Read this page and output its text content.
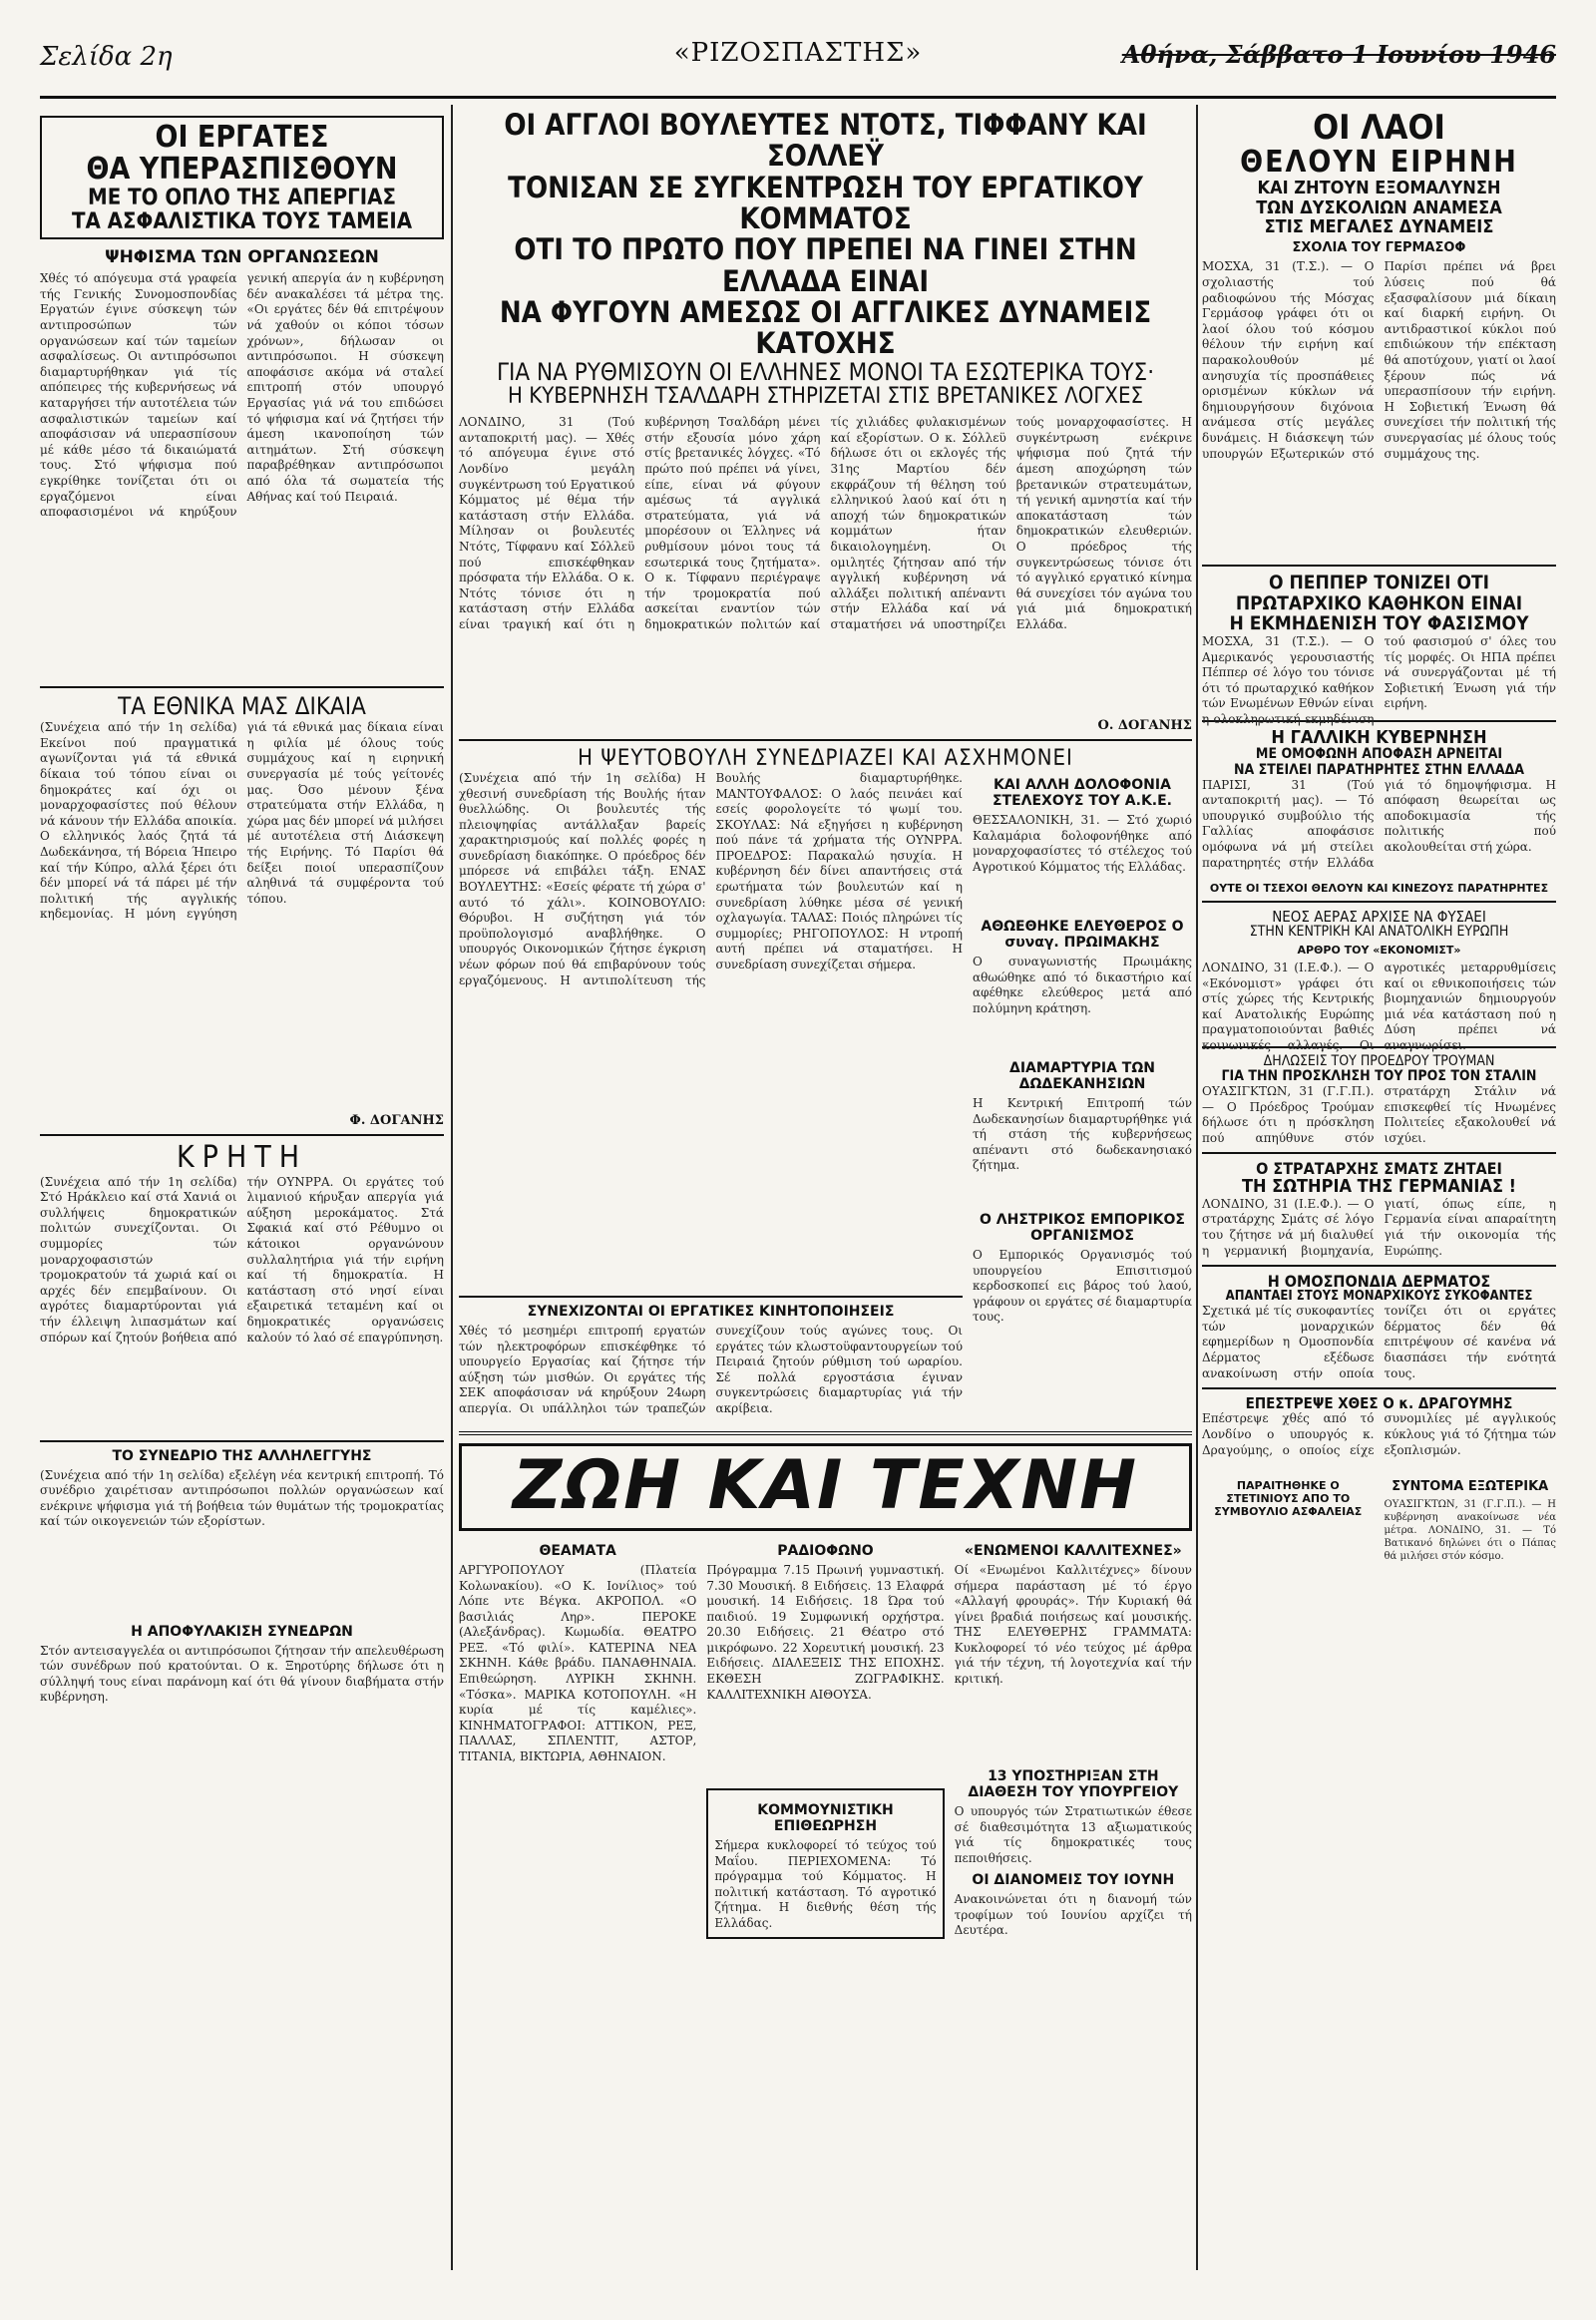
Σελίδα 2η	«ΡΙΖΟΣΠΑΣΤΗΣ»	Αθήνα, Σάββατο 1 Ιουνίου 1946

ΟΙ ΕΡΓΑΤΕΣ

ΘΑ ΥΠΕΡΑΣΠΙΣΘΟΥΝ

ΜΕ ΤΟ ΟΠΛΟ ΤΗΣ ΑΠΕΡΓΙΑΣ

ΤΑ ΑΣΦΑΛΙΣΤΙΚΑ ΤΟΥΣ ΤΑΜΕΙΑ

ΨΗΦΙΣΜΑ ΤΩΝ ΟΡΓΑΝΩΣΕΩΝ

Χθές τό απόγευμα στά γραφεία τής Γενικής Συνομοσπονδίας Εργατών έγινε σύσκεψη τών αντιπροσώπων τών οργανώσεων καί τών ταμείων ασφαλίσεως. Οι αντιπρόσωποι διαμαρτυρήθηκαν γιά τίς απόπειρες τής κυβερνήσεως νά καταργήσει τήν αυτοτέλεια τών ασφαλιστικών ταμείων καί αποφάσισαν νά υπερασπίσουν μέ κάθε μέσο τά δικαιώματά τους. Στό ψήφισμα πού εγκρίθηκε τονίζεται ότι οι εργαζόμενοι είναι αποφασισμένοι νά κηρύξουν γενική απεργία άν η κυβέρνηση δέν ανακαλέσει τά μέτρα της. «Οι εργάτες δέν θά επιτρέψουν νά χαθούν οι κόποι τόσων χρόνων», δήλωσαν οι αντιπρόσωποι. Η σύσκεψη αποφάσισε ακόμα νά σταλεί επιτροπή στόν υπουργό Εργασίας γιά νά του επιδώσει τό ψήφισμα καί νά ζητήσει τήν άμεση ικανοποίηση τών αιτημάτων. Στή σύσκεψη παραβρέθηκαν αντιπρόσωποι από όλα τά σωματεία τής Αθήνας καί τού Πειραιά.

ΤΑ ΕΘΝΙΚΑ ΜΑΣ ΔΙΚΑΙΑ

(Συνέχεια από τήν 1η σελίδα) Εκείνοι πού πραγματικά αγωνίζονται γιά τά εθνικά δίκαια τού τόπου είναι οι δημοκράτες καί όχι οι μοναρχοφασίστες πού θέλουν νά κάνουν τήν Ελλάδα αποικία. Ο ελληνικός λαός ζητά τά Δωδεκάνησα, τή Βόρεια Ήπειρο καί τήν Κύπρο, αλλά ξέρει ότι δέν μπορεί νά τά πάρει μέ τήν πολιτική τής αγγλικής κηδεμονίας. Η μόνη εγγύηση γιά τά εθνικά μας δίκαια είναι η φιλία μέ όλους τούς συμμάχους καί η ειρηνική συνεργασία μέ τούς γείτονές μας. Όσο μένουν ξένα στρατεύματα στήν Ελλάδα, η χώρα μας δέν μπορεί νά μιλήσει μέ αυτοτέλεια στή Διάσκεψη τής Ειρήνης. Τό Παρίσι θά δείξει ποιοί υπερασπίζουν αληθινά τά συμφέροντα τού τόπου.

Φ. ΔΟΓΑΝΗΣ

ΚΡΗΤΗ

(Συνέχεια από τήν 1η σελίδα) Στό Ηράκλειο καί στά Χανιά οι συλλήψεις δημοκρατικών πολιτών συνεχίζονται. Οι συμμορίες τών μοναρχοφασιστών τρομοκρατούν τά χωριά καί οι αρχές δέν επεμβαίνουν. Οι αγρότες διαμαρτύρονται γιά τήν έλλειψη λιπασμάτων καί σπόρων καί ζητούν βοήθεια από τήν ΟΥΝΡΡΑ. Οι εργάτες τού λιμανιού κήρυξαν απεργία γιά αύξηση μεροκάματος. Στά Σφακιά καί στό Ρέθυμνο οι κάτοικοι οργανώνουν συλλαλητήρια γιά τήν ειρήνη καί τή δημοκρατία. Η κατάσταση στό νησί είναι εξαιρετικά τεταμένη καί οι δημοκρατικές οργανώσεις καλούν τό λαό σέ επαγρύπνηση.

ΤΟ ΣΥΝΕΔΡΙΟ ΤΗΣ ΑΛΛΗΛΕΓΓΥΗΣ

(Συνέχεια από τήν 1η σελίδα) εξελέγη νέα κεντρική επιτροπή. Τό συνέδριο χαιρέτισαν αντιπρόσωποι πολλών οργανώσεων καί ενέκρινε ψήφισμα γιά τή βοήθεια τών θυμάτων τής τρομοκρατίας καί τών οικογενειών τών εξορίστων.

Η ΑΠΟΦΥΛΑΚΙΣΗ ΣΥΝΕΔΡΩΝ

Στόν αντεισαγγελέα οι αντιπρόσωποι ζήτησαν τήν απελευθέρωση τών συνέδρων πού κρατούνται. Ο κ. Ξηροτύρης δήλωσε ότι η σύλληψή τους είναι παράνομη καί ότι θά γίνουν διαβήματα στήν κυβέρνηση.

ΟΙ ΑΓΓΛΟΙ ΒΟΥΛΕΥΤΕΣ ΝΤΟΤΣ, ΤΙΦΦΑΝΥ ΚΑΙ ΣΟΛΛΕΫ

ΤΟΝΙΣΑΝ ΣΕ ΣΥΓΚΕΝΤΡΩΣΗ ΤΟΥ ΕΡΓΑΤΙΚΟΥ ΚΟΜΜΑΤΟΣ

ΟΤΙ ΤΟ ΠΡΩΤΟ ΠΟΥ ΠΡΕΠΕΙ ΝΑ ΓΙΝΕΙ ΣΤΗΝ ΕΛΛΑΔΑ ΕΙΝΑΙ

ΝΑ ΦΥΓΟΥΝ ΑΜΕΣΩΣ ΟΙ ΑΓΓΛΙΚΕΣ ΔΥΝΑΜΕΙΣ ΚΑΤΟΧΗΣ

ΓΙΑ ΝΑ ΡΥΘΜΙΣΟΥΝ ΟΙ ΕΛΛΗΝΕΣ ΜΟΝΟΙ ΤΑ ΕΣΩΤΕΡΙΚΑ ΤΟΥΣ·

Η ΚΥΒΕΡΝΗΣΗ ΤΣΑΛΔΑΡΗ ΣΤΗΡΙΖΕΤΑΙ ΣΤΙΣ ΒΡΕΤΑΝΙΚΕΣ ΛΟΓΧΕΣ

ΛΟΝΔΙΝΟ, 31 (Τού ανταποκριτή μας). — Χθές τό απόγευμα έγινε στό Λονδίνο μεγάλη συγκέντρωση τού Εργατικού Κόμματος μέ θέμα τήν κατάσταση στήν Ελλάδα. Μίλησαν οι βουλευτές Ντότς, Τίφφανυ καί Σόλλεϋ πού επισκέφθηκαν πρόσφατα τήν Ελλάδα. Ο κ. Ντότς τόνισε ότι η κατάσταση στήν Ελλάδα είναι τραγική καί ότι η κυβέρνηση Τσαλδάρη μένει στήν εξουσία μόνο χάρη στίς βρετανικές λόγχες. «Τό πρώτο πού πρέπει νά γίνει, είπε, είναι νά φύγουν αμέσως τά αγγλικά στρατεύματα, γιά νά μπορέσουν οι Έλληνες νά ρυθμίσουν μόνοι τους τά εσωτερικά τους ζητήματα». Ο κ. Τίφφανυ περιέγραψε τήν τρομοκρατία πού ασκείται εναντίον τών δημοκρατικών πολιτών καί τίς χιλιάδες φυλακισμένων καί εξορίστων. Ο κ. Σόλλεϋ δήλωσε ότι οι εκλογές τής 31ης Μαρτίου δέν εκφράζουν τή θέληση τού ελληνικού λαού καί ότι η αποχή τών δημοκρατικών κομμάτων ήταν δικαιολογημένη. Οι ομιλητές ζήτησαν από τήν αγγλική κυβέρνηση νά αλλάξει πολιτική απέναντι στήν Ελλάδα καί νά σταματήσει νά υποστηρίζει τούς μοναρχοφασίστες. Η συγκέντρωση ενέκρινε ψήφισμα πού ζητά τήν άμεση αποχώρηση τών βρετανικών στρατευμάτων, τή γενική αμνηστία καί τήν αποκατάσταση τών δημοκρατικών ελευθεριών. Ο πρόεδρος τής συγκεντρώσεως τόνισε ότι τό αγγλικό εργατικό κίνημα θά συνεχίσει τόν αγώνα του γιά μιά δημοκρατική Ελλάδα.

Ο. ΔΟΓΑΝΗΣ

Η ΨΕΥΤΟΒΟΥΛΗ ΣΥΝΕΔΡΙΑΖΕΙ ΚΑΙ ΑΣΧΗΜΟΝΕΙ

(Συνέχεια από τήν 1η σελίδα) Η χθεσινή συνεδρίαση τής Βουλής ήταν θυελλώδης. Οι βουλευτές τής πλειοψηφίας αντάλλαξαν βαρείς χαρακτηρισμούς καί πολλές φορές η συνεδρίαση διακόπηκε. Ο πρόεδρος δέν μπόρεσε νά επιβάλει τάξη. ΕΝΑΣ ΒΟΥΛΕΥΤΗΣ: «Εσείς φέρατε τή χώρα σ' αυτό τό χάλι». ΚΟΙΝΟΒΟΥΛΙΟ: Θόρυβοι. Η συζήτηση γιά τόν προϋπολογισμό αναβλήθηκε. Ο υπουργός Οικονομικών ζήτησε έγκριση νέων φόρων πού θά επιβαρύνουν τούς εργαζόμενους. Η αντιπολίτευση τής Βουλής διαμαρτυρήθηκε. ΜΑΝΤΟΥΦΑΛΟΣ: Ο λαός πεινάει καί εσείς φορολογείτε τό ψωμί του. ΣΚΟΥΛΑΣ: Νά εξηγήσει η κυβέρνηση πού πάνε τά χρήματα τής ΟΥΝΡΡΑ. ΠΡΟΕΔΡΟΣ: Παρακαλώ ησυχία. Η κυβέρνηση δέν δίνει απαντήσεις στά ερωτήματα τών βουλευτών καί η συνεδρίαση λύθηκε μέσα σέ γενική οχλαγωγία. ΤΑΛΑΣ: Ποιός πληρώνει τίς συμμορίες; ΡΗΓΟΠΟΥΛΟΣ: Η ντροπή αυτή πρέπει νά σταματήσει. Η συνεδρίαση συνεχίζεται σήμερα.

ΣΥΝΕΧΙΖΟΝΤΑΙ ΟΙ ΕΡΓΑΤΙΚΕΣ ΚΙΝΗΤΟΠΟΙΗΣΕΙΣ

Χθές τό μεσημέρι επιτροπή εργατών τών ηλεκτροφόρων επισκέφθηκε τό υπουργείο Εργασίας καί ζήτησε τήν αύξηση τών μισθών. Οι εργάτες τής ΣΕΚ αποφάσισαν νά κηρύξουν 24ωρη απεργία. Οι υπάλληλοι τών τραπεζών συνεχίζουν τούς αγώνες τους. Οι εργάτες τών κλωστοϋφαντουργείων τού Πειραιά ζητούν ρύθμιση τού ωραρίου. Σέ πολλά εργοστάσια έγιναν συγκεντρώσεις διαμαρτυρίας γιά τήν ακρίβεια.

ΚΑΙ ΑΛΛΗ ΔΟΛΟΦΟΝΙΑ ΣΤΕΛΕΧΟΥΣ ΤΟΥ Α.Κ.Ε.

ΘΕΣΣΑΛΟΝΙΚΗ, 31. — Στό χωριό Καλαμάρια δολοφονήθηκε από μοναρχοφασίστες τό στέλεχος τού Αγροτικού Κόμματος τής Ελλάδας.

ΑΘΩΕΘΗΚΕ ΕΛΕΥΘΕΡΟΣ Ο συναγ. ΠΡΩΙΜΑΚΗΣ

Ο συναγωνιστής Πρωιμάκης αθωώθηκε από τό δικαστήριο καί αφέθηκε ελεύθερος μετά από πολύμηνη κράτηση.

ΔΙΑΜΑΡΤΥΡΙΑ ΤΩΝ ΔΩΔΕΚΑΝΗΣΙΩΝ

Η Κεντρική Επιτροπή τών Δωδεκανησίων διαμαρτυρήθηκε γιά τή στάση τής κυβερνήσεως απέναντι στό δωδεκανησιακό ζήτημα.

Ο ΛΗΣΤΡΙΚΟΣ ΕΜΠΟΡΙΚΟΣ ΟΡΓΑΝΙΣΜΟΣ

Ο Εμπορικός Οργανισμός τού υπουργείου Επισιτισμού κερδοσκοπεί εις βάρος τού λαού, γράφουν οι εργάτες σέ διαμαρτυρία τους.

ΖΩΗ ΚΑΙ ΤΕΧΝΗ

ΘΕΑΜΑΤΑ

ΑΡΓΥΡΟΠΟΥΛΟΥ (Πλατεία Κολωνακίου). «Ο Κ. Ιονίλιος» τού Λόπε ντε Βέγκα. ΑΚΡΟΠΟΛ. «Ο βασιλιάς Ληρ». ΠΕΡΟΚΕ (Αλεξάνδρας). Κωμωδία. ΘΕΑΤΡΟ ΡΕΞ. «Τό φιλί». ΚΑΤΕΡΙΝΑ ΝΕΑ ΣΚΗΝΗ. Κάθε βράδυ. ΠΑΝΑΘΗΝΑΙΑ. Επιθεώρηση. ΛΥΡΙΚΗ ΣΚΗΝΗ. «Τόσκα». ΜΑΡΙΚΑ ΚΟΤΟΠΟΥΛΗ. «Η κυρία μέ τίς καμέλιες». ΚΙΝΗΜΑΤΟΓΡΑΦΟΙ: ΑΤΤΙΚΟΝ, ΡΕΞ, ΠΑΛΛΑΣ, ΣΠΛΕΝΤΙΤ, ΑΣΤΟΡ, ΤΙΤΑΝΙΑ, ΒΙΚΤΩΡΙΑ, ΑΘΗΝΑΙΟΝ.

ΡΑΔΙΟΦΩΝΟ

Πρόγραμμα 7.15 Πρωινή γυμναστική. 7.30 Μουσική. 8 Ειδήσεις. 13 Ελαφρά μουσική. 14 Ειδήσεις. 18 Ώρα τού παιδιού. 19 Συμφωνική ορχήστρα. 20.30 Ειδήσεις. 21 Θέατρο στό μικρόφωνο. 22 Χορευτική μουσική. 23 Ειδήσεις. ΔΙΑΛΕΞΕΙΣ ΤΗΣ ΕΠΟΧΗΣ. ΕΚΘΕΣΗ ΖΩΓΡΑΦΙΚΗΣ. ΚΑΛΛΙΤΕΧΝΙΚΗ ΑΙΘΟΥΣΑ.

ΚΟΜΜΟΥΝΙΣΤΙΚΗ ΕΠΙΘΕΩΡΗΣΗ

Σήμερα κυκλοφορεί τό τεύχος τού Μαΐου. ΠΕΡΙΕΧΟΜΕΝΑ: Τό πρόγραμμα τού Κόμματος. Η πολιτική κατάσταση. Τό αγροτικό ζήτημα. Η διεθνής θέση τής Ελλάδας.

«ΕΝΩΜΕΝΟΙ ΚΑΛΛΙΤΕΧΝΕΣ»

Οί «Ενωμένοι Καλλιτέχνες» δίνουν σήμερα παράσταση μέ τό έργο «Αλλαγή φρουράς». Τήν Κυριακή θά γίνει βραδιά ποιήσεως καί μουσικής. ΤΗΣ ΕΛΕΥΘΕΡΗΣ ΓΡΑΜΜΑΤΑ: Κυκλοφορεί τό νέο τεύχος μέ άρθρα γιά τήν τέχνη, τή λογοτεχνία καί τήν κριτική.

13 ΥΠΟΣΤΗΡΙΞΑΝ ΣΤΗ ΔΙΑΘΕΣΗ ΤΟΥ ΥΠΟΥΡΓΕΙΟΥ

Ο υπουργός τών Στρατιωτικών έθεσε σέ διαθεσιμότητα 13 αξιωματικούς γιά τίς δημοκρατικές τους πεποιθήσεις.

ΟΙ ΔΙΑΝΟΜΕΙΣ ΤΟΥ ΙΟΥΝΗ

Ανακοινώνεται ότι η διανομή τών τροφίμων τού Ιουνίου αρχίζει τή Δευτέρα.

ΟΙ ΛΑΟΙ

ΘΕΛΟΥΝ ΕΙΡΗΝΗ

ΚΑΙ ΖΗΤΟΥΝ ΕΞΟΜΑΛΥΝΣΗ

ΤΩΝ ΔΥΣΚΟΛΙΩΝ ΑΝΑΜΕΣΑ

ΣΤΙΣ ΜΕΓΑΛΕΣ ΔΥΝΑΜΕΙΣ

ΣΧΟΛΙΑ ΤΟΥ ΓΕΡΜΑΣΟΦ

ΜΟΣΧΑ, 31 (Τ.Σ.). — Ο σχολιαστής τού ραδιοφώνου τής Μόσχας Γερμάσοφ γράφει ότι οι λαοί όλου τού κόσμου θέλουν τήν ειρήνη καί παρακολουθούν μέ ανησυχία τίς προσπάθειες ορισμένων κύκλων νά δημιουργήσουν διχόνοια ανάμεσα στίς μεγάλες δυνάμεις. Η διάσκεψη τών υπουργών Εξωτερικών στό Παρίσι πρέπει νά βρει λύσεις πού θά εξασφαλίσουν μιά δίκαιη καί διαρκή ειρήνη. Οι αντιδραστικοί κύκλοι πού επιδιώκουν τήν επέκταση θά αποτύχουν, γιατί οι λαοί ξέρουν πώς νά υπερασπίσουν τήν ειρήνη. Η Σοβιετική Ένωση θά συνεχίσει τήν πολιτική τής συνεργασίας μέ όλους τούς συμμάχους της.

Ο ΠΕΠΠΕΡ ΤΟΝΙΖΕΙ ΟΤΙ

ΠΡΩΤΑΡΧΙΚΟ ΚΑΘΗΚΟΝ ΕΙΝΑΙ

Η ΕΚΜΗΔΕΝΙΣΗ ΤΟΥ ΦΑΣΙΣΜΟΥ

ΜΟΣΧΑ, 31 (Τ.Σ.). — Ο Αμερικανός γερουσιαστής Πέππερ σέ λόγο του τόνισε ότι τό πρωταρχικό καθήκον τών Ενωμένων Εθνών είναι η ολοκληρωτική εκμηδένιση τού φασισμού σ' όλες του τίς μορφές. Οι ΗΠΑ πρέπει νά συνεργάζονται μέ τή Σοβιετική Ένωση γιά τήν ειρήνη.

Η ΓΑΛΛΙΚΗ ΚΥΒΕΡΝΗΣΗ

ΜΕ ΟΜΟΦΩΝΗ ΑΠΟΦΑΣΗ ΑΡΝΕΙΤΑΙ

ΝΑ ΣΤΕΙΛΕΙ ΠΑΡΑΤΗΡΗΤΕΣ ΣΤΗΝ ΕΛΛΑΔΑ

ΠΑΡΙΣΙ, 31 (Τού ανταποκριτή μας). — Τό υπουργικό συμβούλιο τής Γαλλίας αποφάσισε ομόφωνα νά μή στείλει παρατηρητές στήν Ελλάδα γιά τό δημοψήφισμα. Η απόφαση θεωρείται ως αποδοκιμασία τής πολιτικής πού ακολουθείται στή χώρα.

ΟΥΤΕ ΟΙ ΤΣΕΧΟΙ ΘΕΛΟΥΝ ΚΑΙ ΚΙΝΕΖΟΥΣ ΠΑΡΑΤΗΡΗΤΕΣ

ΝΕΟΣ ΑΕΡΑΣ ΑΡΧΙΣΕ ΝΑ ΦΥΣΑΕΙ

ΣΤΗΝ ΚΕΝΤΡΙΚΗ ΚΑΙ ΑΝΑΤΟΛΙΚΗ ΕΥΡΩΠΗ

ΑΡΘΡΟ ΤΟΥ «ΕΚΟΝΟΜΙΣΤ»

ΛΟΝΔΙΝΟ, 31 (Ι.Ε.Φ.). — Ο «Εκόνομιστ» γράφει ότι στίς χώρες τής Κεντρικής καί Ανατολικής Ευρώπης πραγματοποιούνται βαθιές κοινωνικές αλλαγές. Οι αγροτικές μεταρρυθμίσεις καί οι εθνικοποιήσεις τών βιομηχανιών δημιουργούν μιά νέα κατάσταση πού η Δύση πρέπει νά αναγνωρίσει.

ΔΗΛΩΣΕΙΣ ΤΟΥ ΠΡΟΕΔΡΟΥ ΤΡΟΥΜΑΝ

ΓΙΑ ΤΗΝ ΠΡΟΣΚΛΗΣΗ ΤΟΥ ΠΡΟΣ ΤΟΝ ΣΤΑΛΙΝ

ΟΥΑΣΙΓΚΤΩΝ, 31 (Γ.Γ.Π.). — Ο Πρόεδρος Τρούμαν δήλωσε ότι η πρόσκληση πού απηύθυνε στόν στρατάρχη Στάλιν νά επισκεφθεί τίς Ηνωμένες Πολιτείες εξακολουθεί νά ισχύει.

Ο ΣΤΡΑΤΑΡΧΗΣ ΣΜΑΤΣ ΖΗΤΑΕΙ

ΤΗ ΣΩΤΗΡΙΑ ΤΗΣ ΓΕΡΜΑΝΙΑΣ !

ΛΟΝΔΙΝΟ, 31 (Ι.Ε.Φ.). — Ο στρατάρχης Σμάτς σέ λόγο του ζήτησε νά μή διαλυθεί η γερμανική βιομηχανία, γιατί, όπως είπε, η Γερμανία είναι απαραίτητη γιά τήν οικονομία τής Ευρώπης.

Η ΟΜΟΣΠΟΝΔΙΑ ΔΕΡΜΑΤΟΣ

ΑΠΑΝΤΑΕΙ ΣΤΟΥΣ ΜΟΝΑΡΧΙΚΟΥΣ ΣΥΚΟΦΑΝΤΕΣ

Σχετικά μέ τίς συκοφαντίες τών μοναρχικών εφημερίδων η Ομοσπονδία Δέρματος εξέδωσε ανακοίνωση στήν οποία τονίζει ότι οι εργάτες δέρματος δέν θά επιτρέψουν σέ κανένα νά διασπάσει τήν ενότητά τους.

ΕΠΕΣΤΡΕΨΕ ΧΘΕΣ Ο κ. ΔΡΑΓΟΥΜΗΣ

Επέστρεψε χθές από τό Λονδίνο ο υπουργός κ. Δραγούμης, ο οποίος είχε συνομιλίες μέ αγγλικούς κύκλους γιά τό ζήτημα τών εξοπλισμών.

ΠΑΡΑΙΤΗΘΗΚΕ Ο ΣΤΕΤΙΝΙΟΥΣ ΑΠΟ ΤΟ ΣΥΜΒΟΥΛΙΟ ΑΣΦΑΛΕΙΑΣ

ΣΥΝΤΟΜΑ ΕΞΩΤΕΡΙΚΑ

ΟΥΑΣΙΓΚΤΩΝ, 31 (Γ.Γ.Π.). — Η κυβέρνηση ανακοίνωσε νέα μέτρα. ΛΟΝΔΙΝΟ, 31. — Τό Βατικανό δηλώνει ότι ο Πάπας θά μιλήσει στόν κόσμο.
